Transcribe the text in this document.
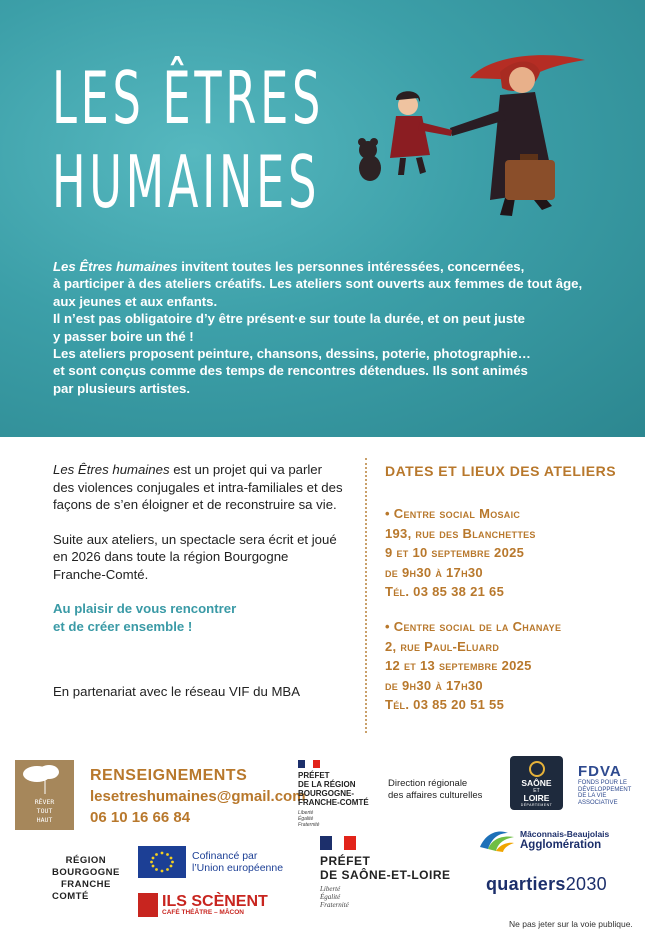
LES ÊTRES
HUMAINES

Les Êtres humaines invitent toutes les personnes intéressées, concernées,

à participer à des ateliers créatifs. Les ateliers sont ouverts aux femmes de tout âge,

aux jeunes et aux enfants.

Il n’est pas obligatoire d’y être présent·e sur toute la durée, et on peut juste

y passer boire un thé !

Les ateliers proposent peinture, chansons, dessins, poterie, photographie…

et sont conçus comme des temps de rencontres détendues. Ils sont animés

par plusieurs artistes.

Les Êtres humaines est un projet qui va parler des violences conjugales et intra-familiales et des façons de s’en éloigner et de reconstruire sa vie.

Suite aux ateliers, un spectacle sera écrit et joué en 2026 dans toute la région Bourgogne Franche-Comté.

Au plaisir de vous rencontrer
et de créer ensemble !
En partenariat avec le réseau VIF du MBA
DATES ET LIEUX DES ATELIERS
• Centre social Mosaic
193, rue des Blanchettes
9 et 10 septembre 2025
de 9h30 à 17h30
Tél. 03 85 38 21 65
• Centre social de la Chanaye
2, rue Paul-Eluard
12 et 13 septembre 2025
de 9h30 à 17h30
Tél. 03 85 20 51 55
RÊVER
TOUT
HAUT
RENSEIGNEMENTS
lesetreshumaines@gmail.com
06 10 16 66 84
PRÉFET
DE LA RÉGION
BOURGOGNE-
FRANCHE-COMTÉ
Liberté
Égalité
Fraternité
Direction régionale
des affaires culturelles
SAÔNE
ET
LOIRE
DÉPARTEMENT
FDVA
FONDS POUR LE
DÉVELOPPEMENT
DE LA VIE
ASSOCIATIVE
RÉGION
BOURGOGNE
FRANCHE
COMTÉ
Cofinancé par
l’Union européenne
ILS SCÈNENT
CAFÉ THÉÂTRE – MÂCON
PRÉFET
DE SAÔNE-ET-LOIRE
Liberté
Égalité
Fraternité
Mâconnais-Beaujolais
Agglomération
quartiers2030
Ne pas jeter sur la voie publique.
